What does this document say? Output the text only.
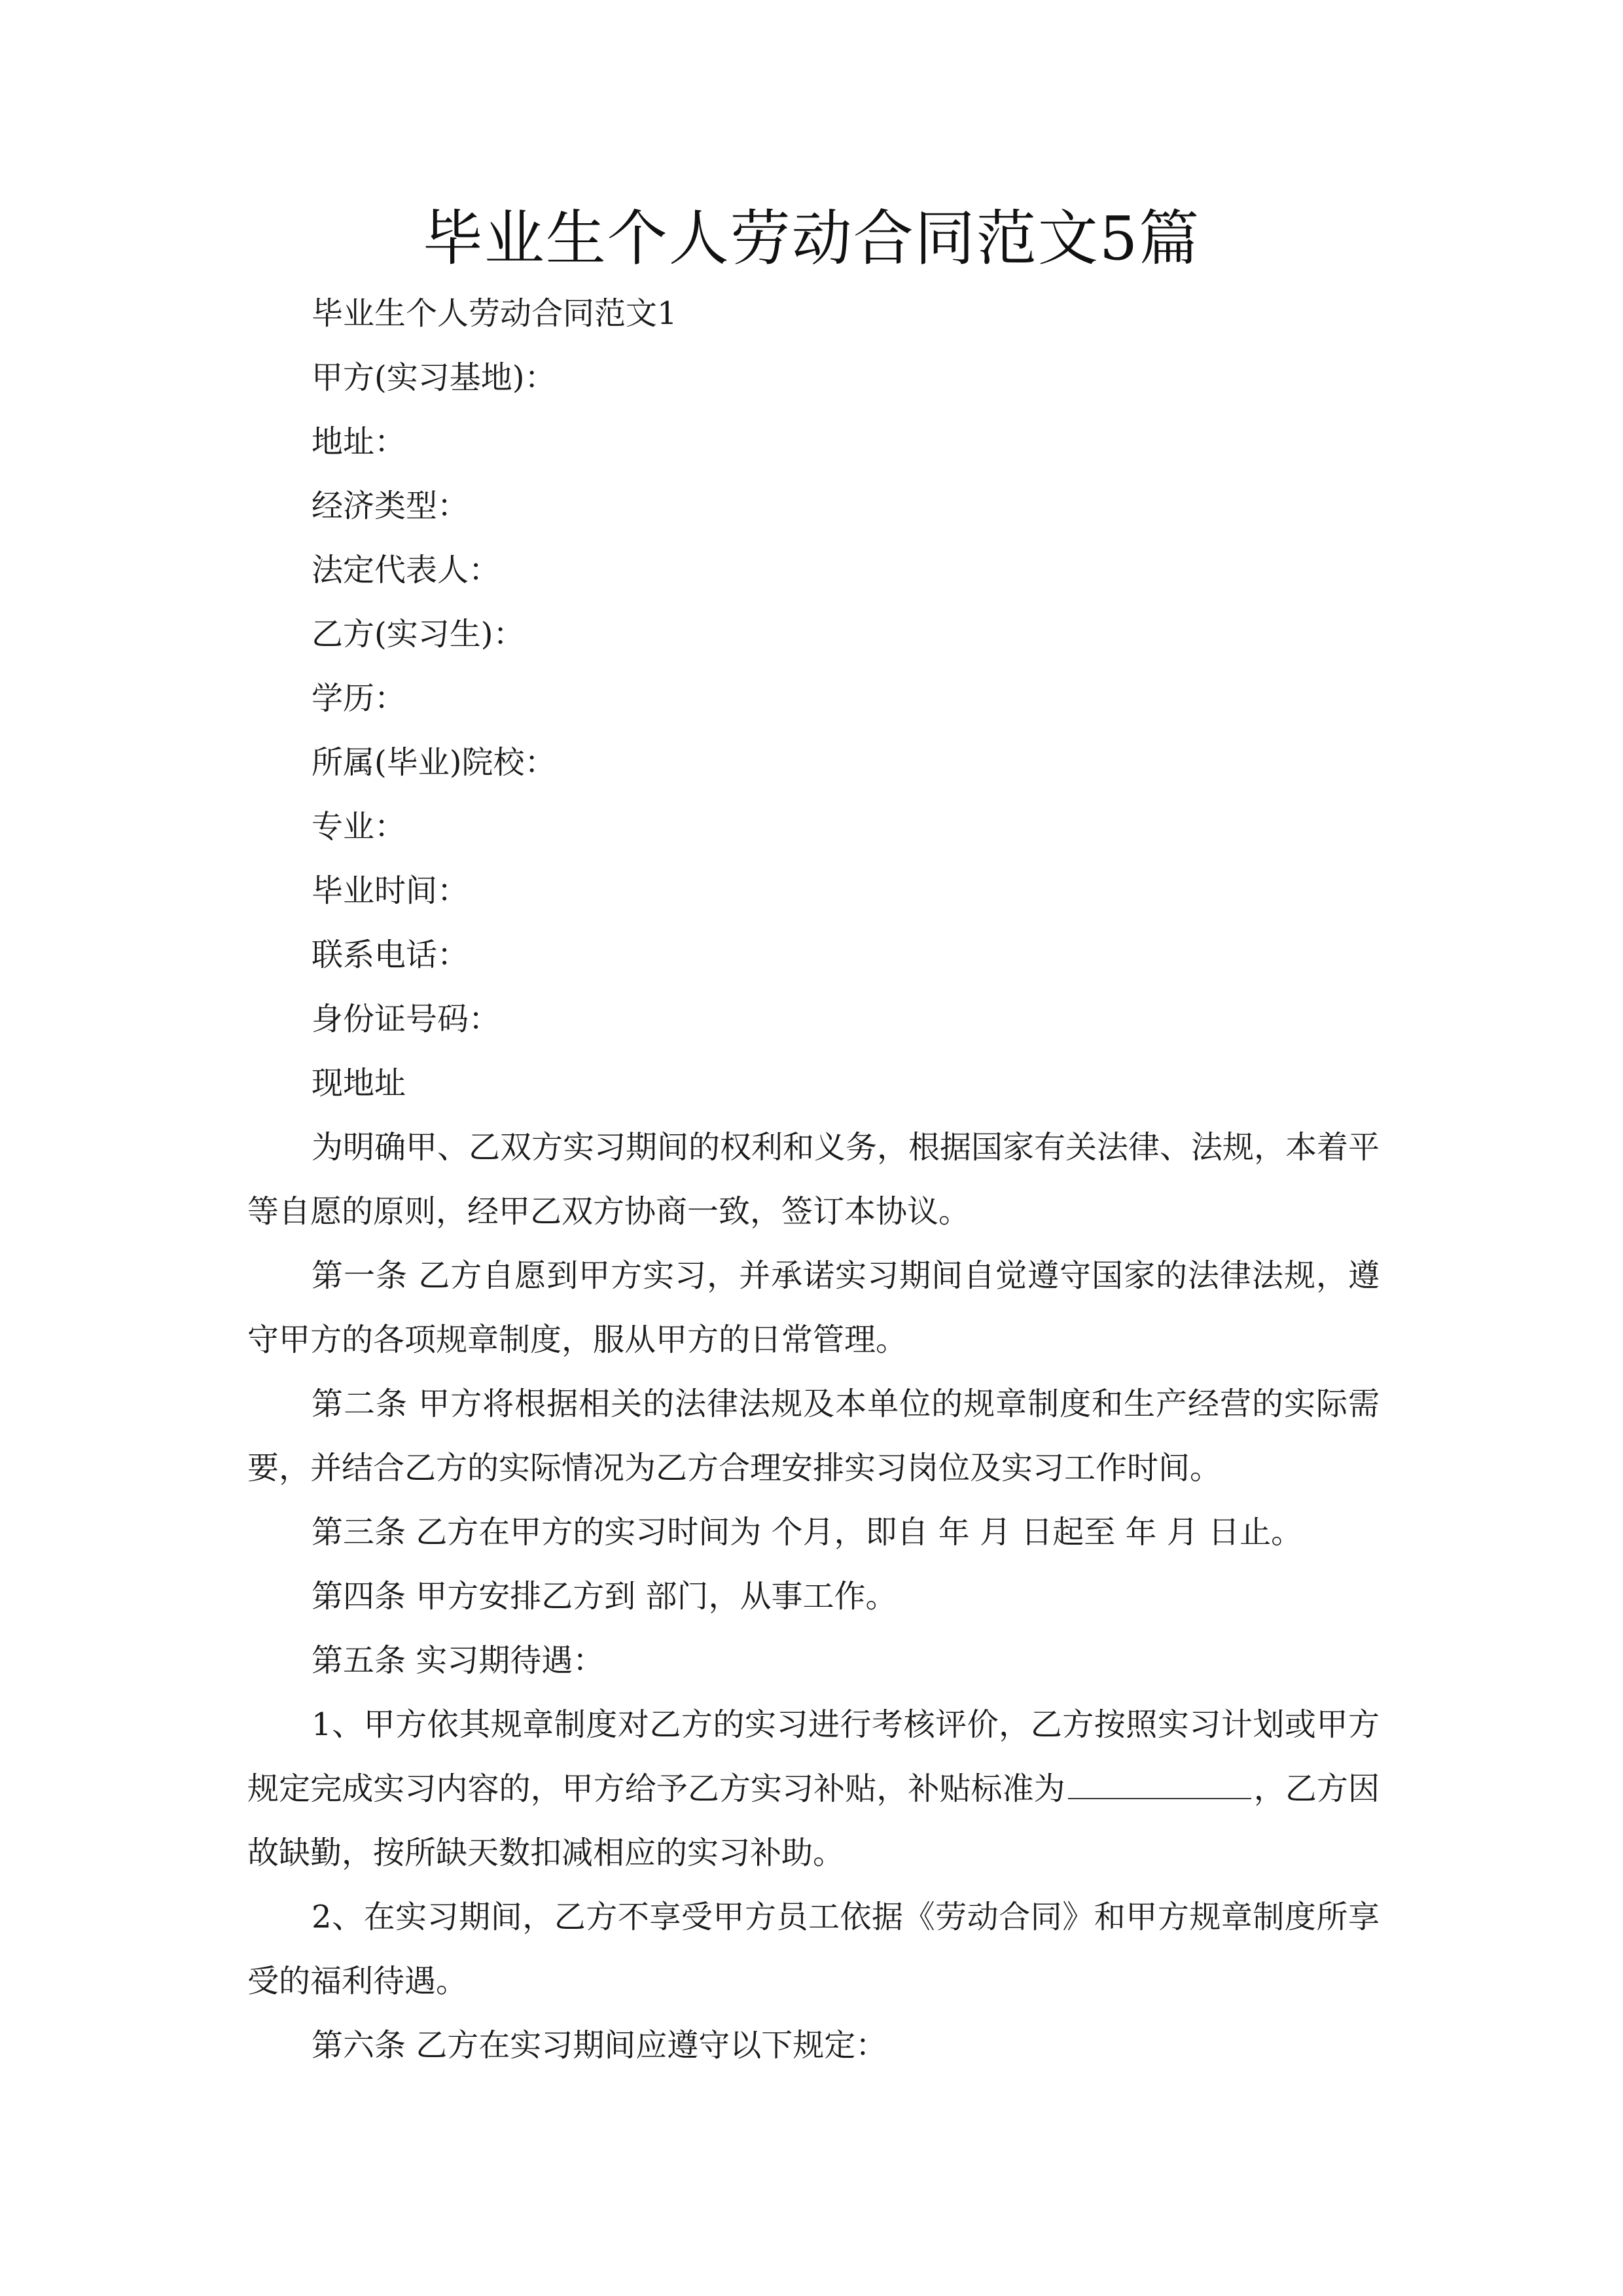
毕业生个人劳动合同范文5篇
毕业生个人劳动合同范文1
甲方(实习基地)：
地址：
经济类型：
法定代表人：
乙方(实习生)：
学历：
所属(毕业)院校：
专业：
毕业时间：
联系电话：
身份证号码：
现地址

为明确甲、乙双方实习期间的权利和义务，根据国家有关法律、法规，本着平等自愿的原则，经甲乙双方协商一致，签订本协议。

第一条 乙方自愿到甲方实习，并承诺实习期间自觉遵守国家的法律法规，遵守甲方的各项规章制度，服从甲方的日常管理。

第二条 甲方将根据相关的法律法规及本单位的规章制度和生产经营的实际需要，并结合乙方的实际情况为乙方合理安排实习岗位及实习工作时间。

第三条 乙方在甲方的实习时间为 个月，即自 年 月 日起至 年 月 日止。

第四条 甲方安排乙方到 部门，从事工作。

第五条 实习期待遇：

1、甲方依其规章制度对乙方的实习进行考核评价，乙方按照实习计划或甲方规定完成实习内容的，甲方给予乙方实习补贴，补贴标准为	，乙方因故缺勤，按所缺天数扣减相应的实习补助。

2、在实习期间，乙方不享受甲方员工依据《劳动合同》和甲方规章制度所享受的福利待遇。

第六条 乙方在实习期间应遵守以下规定：
